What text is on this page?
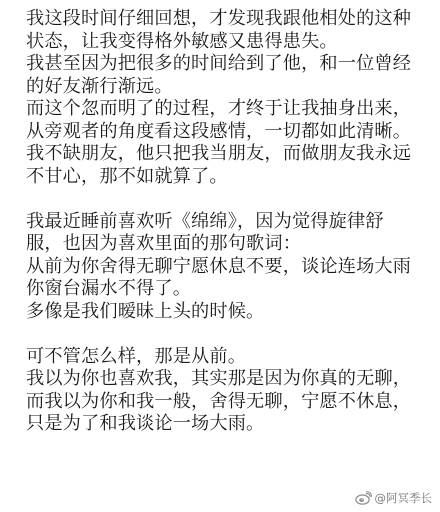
我这段时间仔细回想，才发现我跟他相处的这种
状态，让我变得格外敏感又患得患失。
我甚至因为把很多的时间给到了他，和一位曾经
的好友渐行渐远。
而这个忽而明了的过程，才终于让我抽身出来，
从旁观者的角度看这段感情，一切都如此清晰。
我不缺朋友，他只把我当朋友，而做朋友我永远
不甘心，那不如就算了。
我最近睡前喜欢听《绵绵》，因为觉得旋律舒
服，也因为喜欢里面的那句歌词：
从前为你舍得无聊宁愿休息不要，谈论连场大雨
你窗台漏水不得了。
多像是我们暧昧上头的时候。
可不管怎么样，那是从前。
我以为你也喜欢我，其实那是因为你真的无聊，
而我以为你和我一般，舍得无聊，宁愿不休息，
只是为了和我谈论一场大雨。
@阿冥季长
